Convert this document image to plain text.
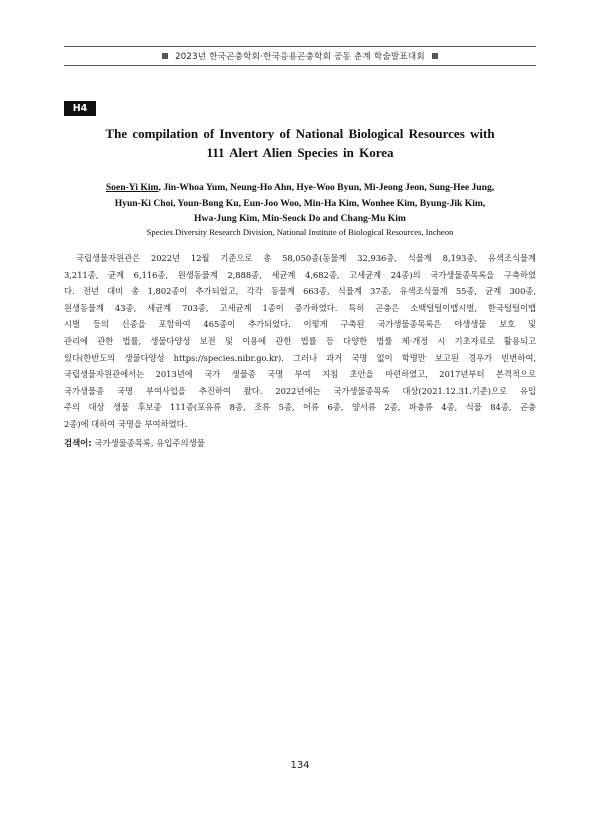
2023년 한국곤충학회·한국응용곤충학회 공동 춘계 학술발표대회
H4
The compilation of Inventory of National Biological Resources with
111 Alert Alien Species in Korea
Soen-Yi Kim, Jin-Whoa Yum, Neung-Ho Ahn, Hye-Woo Byun, Mi-Jeong Jeon, Sung-Hee Jung,
Hyun-Ki Choi, Youn-Bong Ku, Eun-Joo Woo, Min-Ha Kim, Wonhee Kim, Byung-Jik Kim,
Hwa-Jung Kim, Min-Seock Do and Chang-Mu Kim
Species Diversity Research Division, National Institute of Biological Resources, Incheon
국립생물자원관은 2022년 12월 기준으로 총 58,050종(동물계 32,936종, 식물계 8,193종, 유색조식물계
3,211종, 균계 6,116종, 원생동물계 2,888종, 세균계 4,682종, 고세균계 24종)의 국가생물종목록을 구축하였
다. 전년 대비 총 1,802종이 추가되었고, 각각 동물계 663종, 식물계 37종, 유색조식물계 55종, 균계 300종,
원생동물계 43종, 세균계 703종, 고세균계 1종이 증가하였다. 특히 곤충은 소백털털이맵시벌, 한국털털이맵
시벌 등의 신종을 포함하여 465종이 추가되었다. 이렇게 구축된 국가생물종목록은 야생생물 보호 및
관리에 관한 법률, 생물다양성 보전 및 이용에 관한 법률 등 다양한 법률 제·개정 시 기초자료로 활용되고
있다(한반도의 생물다양성 https://species.nibr.go.kr). 그러나 과거 국명 없이 학명만 보고된 경우가 빈번하여,
국립생물자원관에서는 2013년에 국가 생물종 국명 부여 지침 초안을 마련하였고, 2017년부터 본격적으로
국가생물종 국명 부여사업을 추진하여 왔다. 2022년에는 국가생물종목록 대상(2021.12.31.기준)으로 유입
주의 대상 생물 후보종 111종(포유류 8종, 조류 5종, 어류 6종, 양서류 2종, 파충류 4종, 식물 84종, 곤충
2종)에 대하여 국명을 부여하였다.
검색어: 국가생물종목록, 유입주의생물
134
